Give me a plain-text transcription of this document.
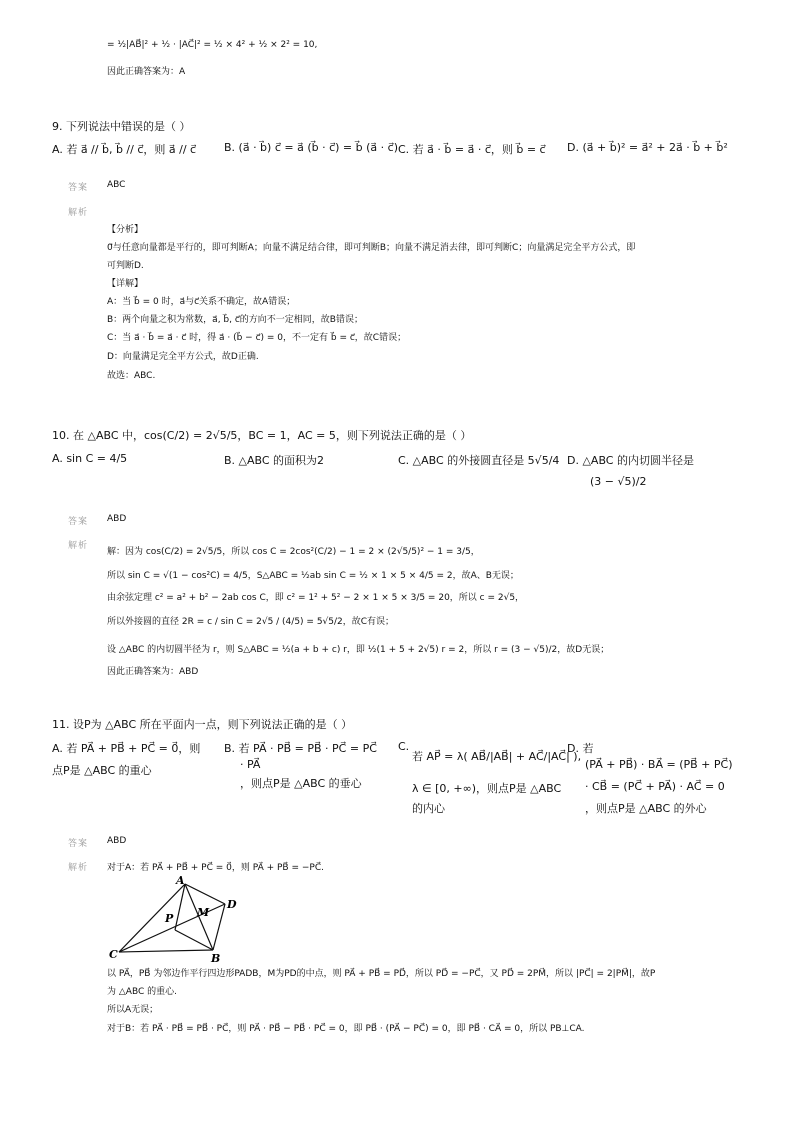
= ½|AB⃗|² + ½ · |AC⃗|² = ½ × 4² + ½ × 2² = 10,
因此正确答案为：A
9. 下列说法中错误的是（ ）
A. 若 a⃗ // b⃗, b⃗ // c⃗，则 a⃗ // c⃗	B. (a⃗ · b⃗) c⃗ = a⃗ (b⃗ · c⃗) = b⃗ (a⃗ · c⃗) C. 若 a⃗ · b⃗ = a⃗ · c⃗，则 b⃗ = c⃗ D. (a⃗ + b⃗)² = a⃗² + 2a⃗ · b⃗ + b⃗²
答案 ABC
解析
【分析】
0⃗与任意向量都是平行的，即可判断A；向量不满足结合律，即可判断B；向量不满足消去律，即可判断C；向量满足完全平方公式，即
可判断D.
【详解】
A：当 b⃗ = 0 时，a⃗与c⃗关系不确定，故A错误；
B：两个向量之积为常数，a⃗, b⃗, c⃗的方向不一定相同，故B错误；
C：当 a⃗ · b⃗ = a⃗ · c⃗ 时，得 a⃗ · (b⃗ − c⃗) = 0，不一定有 b⃗ = c⃗，故C错误；
D：向量满足完全平方公式，故D正确.
故选：ABC.
10. 在 △ABC 中，cos(C/2) = 2√5/5，BC = 1，AC = 5，则下列说法正确的是（ ）
A. sin C = 4/5	B. △ABC 的面积为2	C. △ABC 的外接圆直径是 5√5/4 D. △ABC 的内切圆半径是
(3 − √5)/2
答案 ABD
解析
解：因为 cos(C/2) = 2√5/5，所以 cos C = 2cos²(C/2) − 1 = 2 × (2√5/5)² − 1 = 3/5，
所以 sin C = √(1 − cos²C) = 4/5，S△ABC = ½ab sin C = ½ × 1 × 5 × 4/5 = 2，故A、B无误；
由余弦定理 c² = a² + b² − 2ab cos C，即 c² = 1² + 5² − 2 × 1 × 5 × 3/5 = 20，所以 c = 2√5，
所以外接圆的直径 2R = c / sin C = 2√5 / (4/5) = 5√5/2，故C有误；
设 △ABC 的内切圆半径为 r，则 S△ABC = ½(a + b + c) r，即 ½(1 + 5 + 2√5) r = 2，所以 r = (3 − √5)/2，故D无误；
因此正确答案为：ABD
11. 设P为 △ABC 所在平面内一点，则下列说法正确的是（ ）
A. 若 PA⃗ + PB⃗ + PC⃗ = 0⃗，则
点P是 △ABC 的重心
B. 若 PA⃗ · PB⃗ = PB⃗ · PC⃗ = PC⃗
· PA⃗
，则点P是 △ABC 的垂心
C.
若 AP⃗ = λ( AB⃗/|AB⃗| + AC⃗/|AC⃗| ),
λ ∈ [0, +∞)，则点P是 △ABC
的内心
D. 若
(PA⃗ + PB⃗) · BA⃗ = (PB⃗ + PC⃗)
· CB⃗ = (PC⃗ + PA⃗) · AC⃗ = 0
，则点P是 △ABC 的外心
答案 ABD
解析 对于A：若 PA⃗ + PB⃗ + PC⃗ = 0⃗，则 PA⃗ + PB⃗ = −PC⃗.
A
D
P M
C	B
以 PA⃗，PB⃗ 为邻边作平行四边形PADB，M为PD的中点，则 PA⃗ + PB⃗ = PD⃗，所以 PD⃗ = −PC⃗，又 PD⃗ = 2PM⃗，所以 |PC⃗| = 2|PM⃗|，故P
为 △ABC 的重心.
所以A无误；
对于B：若 PA⃗ · PB⃗ = PB⃗ · PC⃗，则 PA⃗ · PB⃗ − PB⃗ · PC⃗ = 0，即 PB⃗ · (PA⃗ − PC⃗) = 0，即 PB⃗ · CA⃗ = 0，所以 PB⊥CA.
